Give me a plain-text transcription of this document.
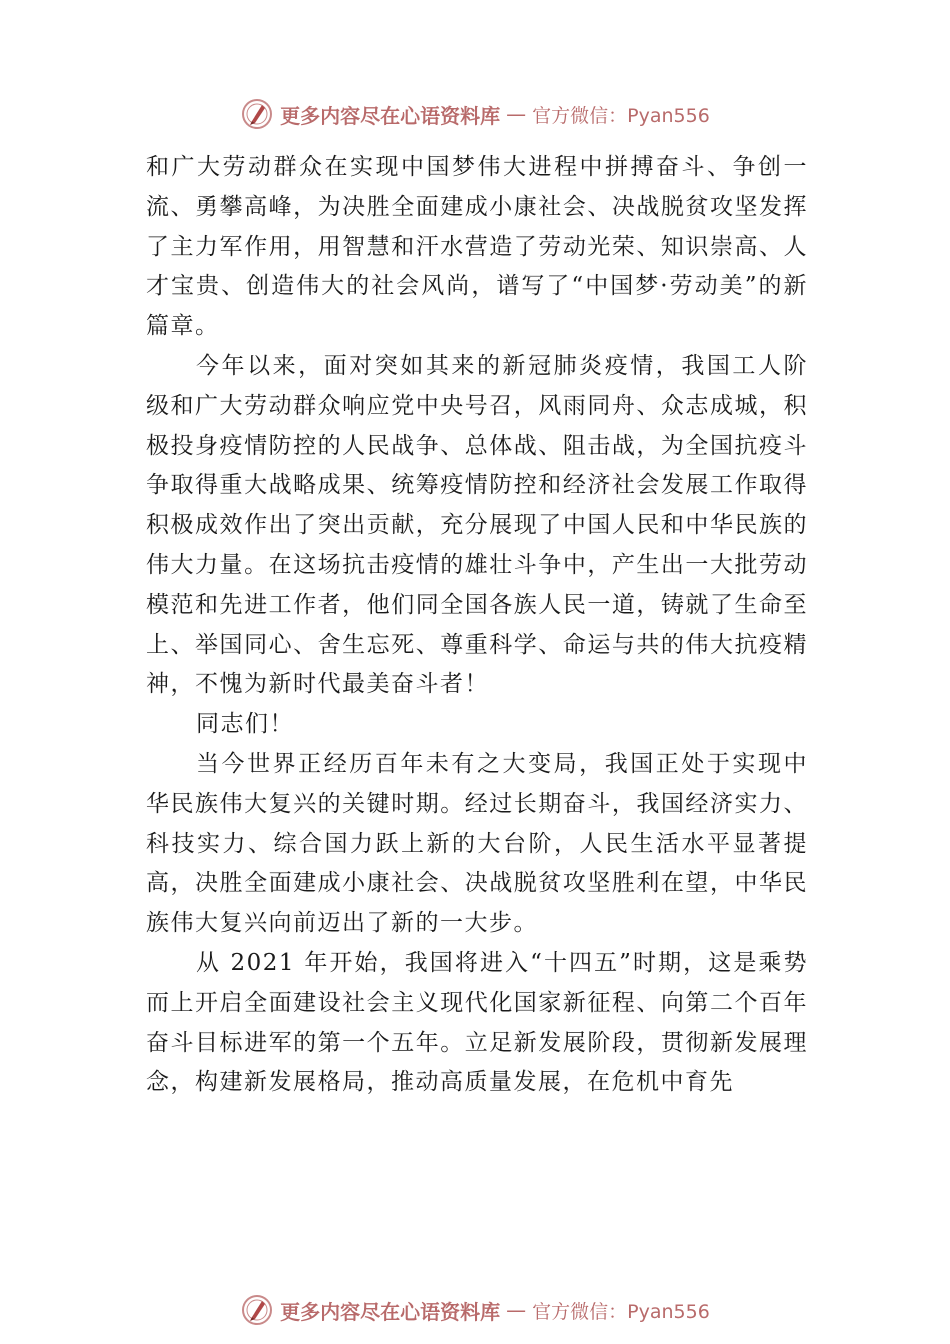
更多内容尽在心语资料库 — 官方微信：Pyan556

和广大劳动群众在实现中国梦伟大进程中拼搏奋斗、争创一流、勇攀高峰，为决胜全面建成小康社会、决战脱贫攻坚发挥了主力军作用，用智慧和汗水营造了劳动光荣、知识崇高、人才宝贵、创造伟大的社会风尚，谱写了“中国梦·劳动美”的新篇章。

今年以来，面对突如其来的新冠肺炎疫情，我国工人阶级和广大劳动群众响应党中央号召，风雨同舟、众志成城，积极投身疫情防控的人民战争、总体战、阻击战，为全国抗疫斗争取得重大战略成果、统筹疫情防控和经济社会发展工作取得积极成效作出了突出贡献，充分展现了中国人民和中华民族的伟大力量。在这场抗击疫情的雄壮斗争中，产生出一大批劳动模范和先进工作者，他们同全国各族人民一道，铸就了生命至上、举国同心、舍生忘死、尊重科学、命运与共的伟大抗疫精神，不愧为新时代最美奋斗者！

同志们！

当今世界正经历百年未有之大变局，我国正处于实现中华民族伟大复兴的关键时期。经过长期奋斗，我国经济实力、科技实力、综合国力跃上新的大台阶，人民生活水平显著提高，决胜全面建成小康社会、决战脱贫攻坚胜利在望，中华民族伟大复兴向前迈出了新的一大步。

从 2021 年开始，我国将进入“十四五”时期，这是乘势而上开启全面建设社会主义现代化国家新征程、向第二个百年奋斗目标进军的第一个五年。立足新发展阶段，贯彻新发展理念，构建新发展格局，推动高质量发展，在危机中育先

更多内容尽在心语资料库 — 官方微信：Pyan556
